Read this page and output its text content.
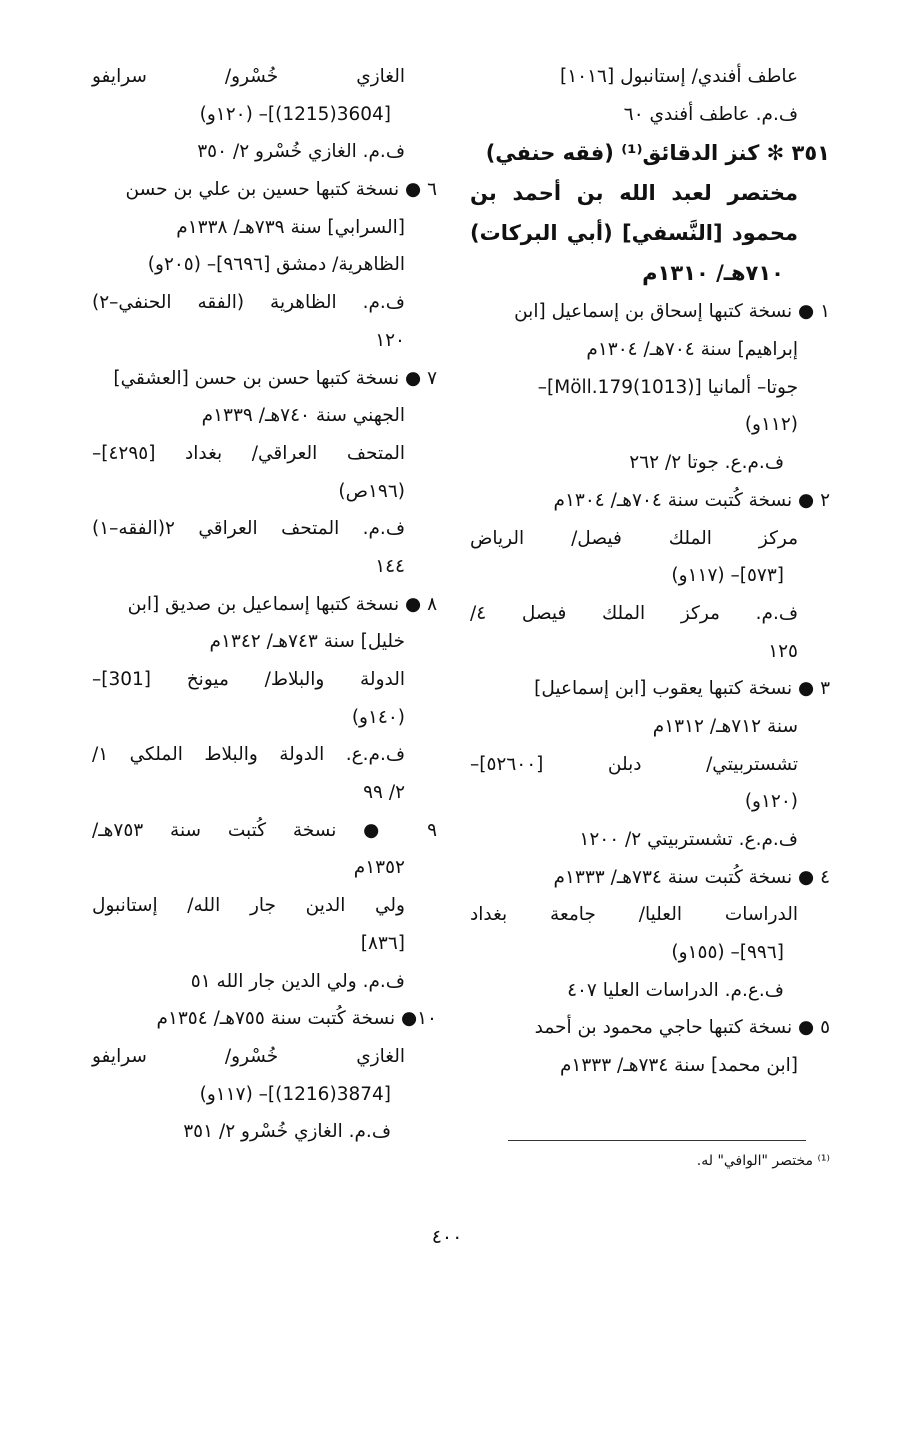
عاطف أفندي/ إستانبول [١٠١٦]
ف.م. عاطف أفندي ٦٠
٣٥١ ✻ كنز الدقائق⁽¹⁾ (فقه حنفي)
مختصر لعبد الله بن أحمد بن
محمود [النَّسفي] (أبي البركات)
٧١٠هـ/ ١٣١٠م
١ ● نسخة كتبها إسحاق بن إسماعيل [ابن
إبراهيم] سنة ٧٠٤هـ/ ١٣٠٤م
جوتا– ألمانيا [Möll.179(1013)]–
(١١٢و)
ف.م.ع. جوتا ٢/ ٢٦٢
٢ ● نسخة كُتبت سنة ٧٠٤هـ/ ١٣٠٤م
مركز الملك فيصل/ الرياض
[٥٧٣]– (١١٧و)
ف.م. مركز الملك فيصل ٤/
١٢٥
٣ ● نسخة كتبها يعقوب [ابن إسماعيل]
سنة ٧١٢هـ/ ١٣١٢م
تشستربيتي/ دبلن [٥٢٦٠٠]–
(١٢٠و)
ف.م.ع. تشستربيتي ٢/ ١٢٠٠
٤ ● نسخة كُتبت سنة ٧٣٤هـ/ ١٣٣٣م
الدراسات العليا/ جامعة بغداد
[٩٩٦]– (١٥٥و)
ف.ع.م. الدراسات العليا ٤٠٧
٥ ● نسخة كتبها حاجي محمود بن أحمد
[ابن محمد] سنة ٧٣٤هـ/ ١٣٣٣م
الغازي خُسْرو/ سرايفو
[3604(1215)]– (١٢٠و)
ف.م. الغازي خُسْرو ٢/ ٣٥٠
٦ ● نسخة كتبها حسين بن علي بن حسن
[السرابي] سنة ٧٣٩هـ/ ١٣٣٨م
الظاهرية/ دمشق [٩٦٩٦]– (٢٠٥و)
ف.م. الظاهرية (الفقه الحنفي–٢)
١٢٠
٧ ● نسخة كتبها حسن بن حسن [العشقي]
الجهني سنة ٧٤٠هـ/ ١٣٣٩م
المتحف العراقي/ بغداد [٤٢٩٥]–
(١٩٦ص)
ف.م. المتحف العراقي ٢(الفقه–١)
١٤٤
٨ ● نسخة كتبها إسماعيل بن صديق [ابن
خليل] سنة ٧٤٣هـ/ ١٣٤٢م
الدولة والبلاط/ ميونخ [301]–
(١٤٠و)
ف.م.ع. الدولة والبلاط الملكي ١/
٢/ ٩٩
٩ ● نسخة كُتبت سنة ٧٥٣هـ/
١٣٥٢م
ولي الدين جار الله/ إستانبول
[٨٣٦]
ف.م. ولي الدين جار الله ٥١
١٠● نسخة كُتبت سنة ٧٥٥هـ/ ١٣٥٤م
الغازي خُسْرو/ سرايفو
[3874(1216)]– (١١٧و)
ف.م. الغازي خُسْرو ٢/ ٣٥١
⁽¹⁾ مختصر "الوافي" له.
٤٠٠
